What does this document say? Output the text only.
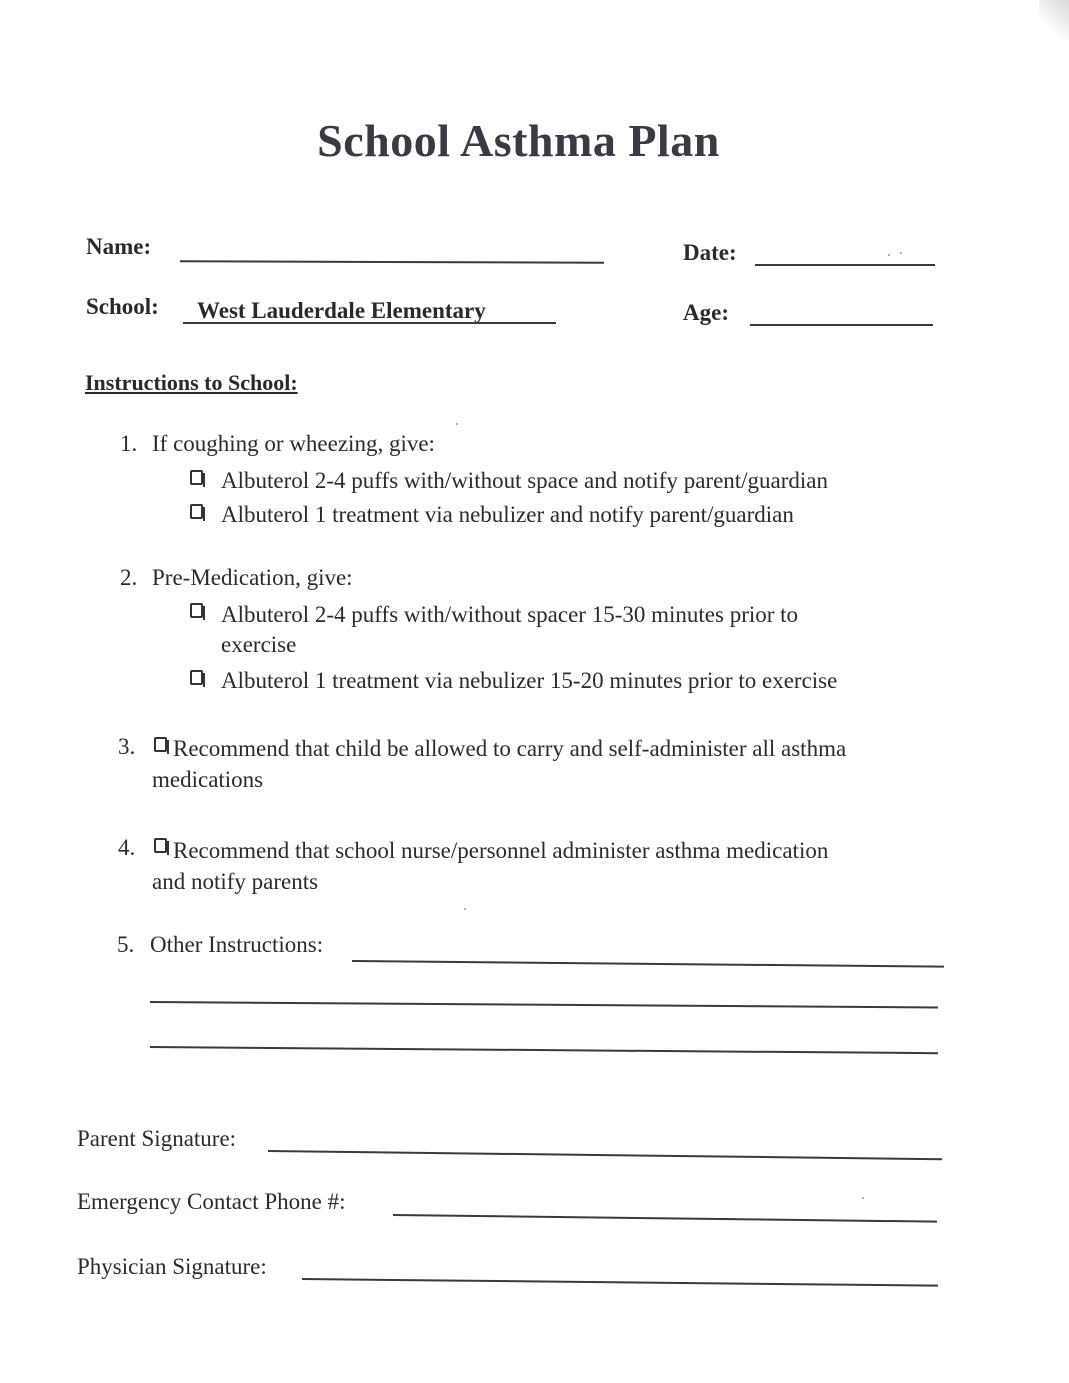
School Asthma Plan
Name:	Date:
School: West Lauderdale Elementary	Age:
Instructions to School:
1. If coughing or wheezing, give:
Albuterol 2-4 puffs with/without space and notify parent/guardian
Albuterol 1 treatment via nebulizer and notify parent/guardian
2. Pre-Medication, give:
Albuterol 2-4 puffs with/without spacer 15-30 minutes prior to
exercise
Albuterol 1 treatment via nebulizer 15-20 minutes prior to exercise
3. Recommend that child be allowed to carry and self-administer all asthma
medications
4. Recommend that school nurse/personnel administer asthma medication
and notify parents
5. Other Instructions:
Parent Signature:
Emergency Contact Phone #:
Physician Signature:
